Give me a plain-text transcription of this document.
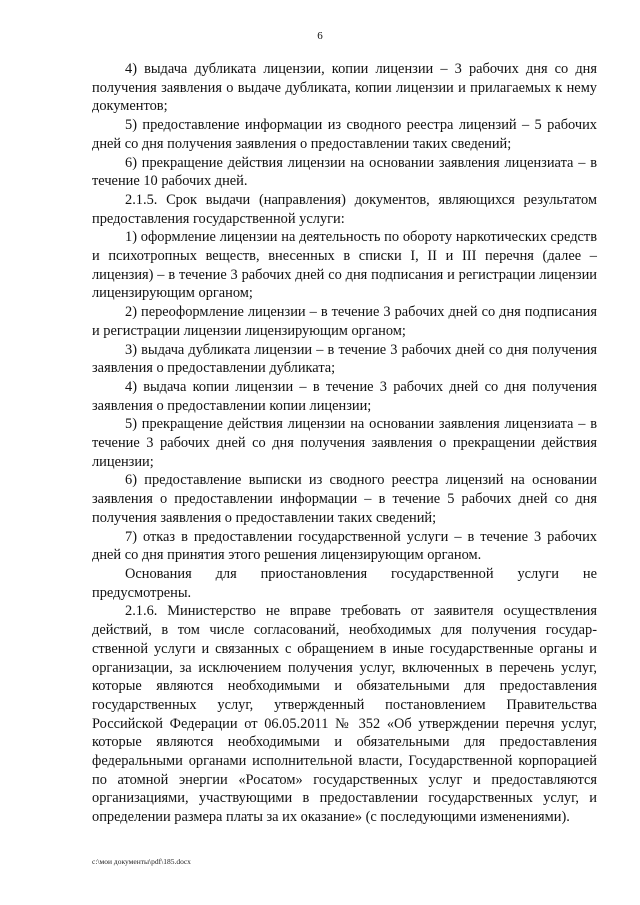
6

4) выдача дубликата лицензии, копии лицензии – 3 рабочих дня со дня получения заявления о выдаче дубликата, копии лицензии и прилагаемых к нему документов;

5) предоставление информации из сводного реестра лицензий – 5 рабочих дней со дня получения заявления о предоставлении таких сведений;

6) прекращение действия лицензии на основании заявления лицензиата – в течение 10 рабочих дней.

2.1.5. Срок выдачи (направления) документов, являющихся результатом предоставления государственной услуги:

1) оформление лицензии на деятельность по обороту наркотических средств и психотропных веществ, внесенных в списки I, II и III перечня (далее – лицензия) – в течение 3 рабочих дней со дня подписания и регистрации лицензии лицензирующим органом;

2) переоформление лицензии – в течение 3 рабочих дней со дня подписания и регистрации лицензии лицензирующим органом;

3) выдача дубликата лицензии – в течение 3 рабочих дней со дня получения заявления о предоставлении дубликата;

4) выдача копии лицензии – в течение 3 рабочих дней со дня получения заявления о предоставлении копии лицензии;

5) прекращение действия лицензии на основании заявления лицензиата – в течение 3 рабочих дней со дня получения заявления о прекращении действия лицензии;

6) предоставление выписки из сводного реестра лицензий на основании заявления о предоставлении информации – в течение 5 рабочих дней со дня получения заявления о предоставлении таких сведений;

7) отказ в предоставлении государственной услуги – в течение 3 рабочих дней со дня принятия этого решения лицензирующим органом.

Основания для приостановления государственной услуги не предусмотрены.

2.1.6. Министерство не вправе требовать от заявителя осуществления действий, в том числе согласований, необходимых для получения государственной услуги и связанных с обращением в иные государственные органы и организации, за исключением получения услуг, включенных в перечень услуг, которые являются необходимыми и обязательными для предоставления государственных услуг, утвержденный постановлением Правительства Российской Федерации от 06.05.2011 № 352 «Об утверждении перечня услуг, которые являются необходимыми и обязательными для предоставления федеральными органами исполнительной власти, Государственной корпорацией по атомной энергии «Росатом» государственных услуг и предоставляются организациями, участвующими в предоставлении государственных услуг, и определении размера платы за их оказание» (с последующими изменениями).

c:\мои документы\pdf\185.docx
